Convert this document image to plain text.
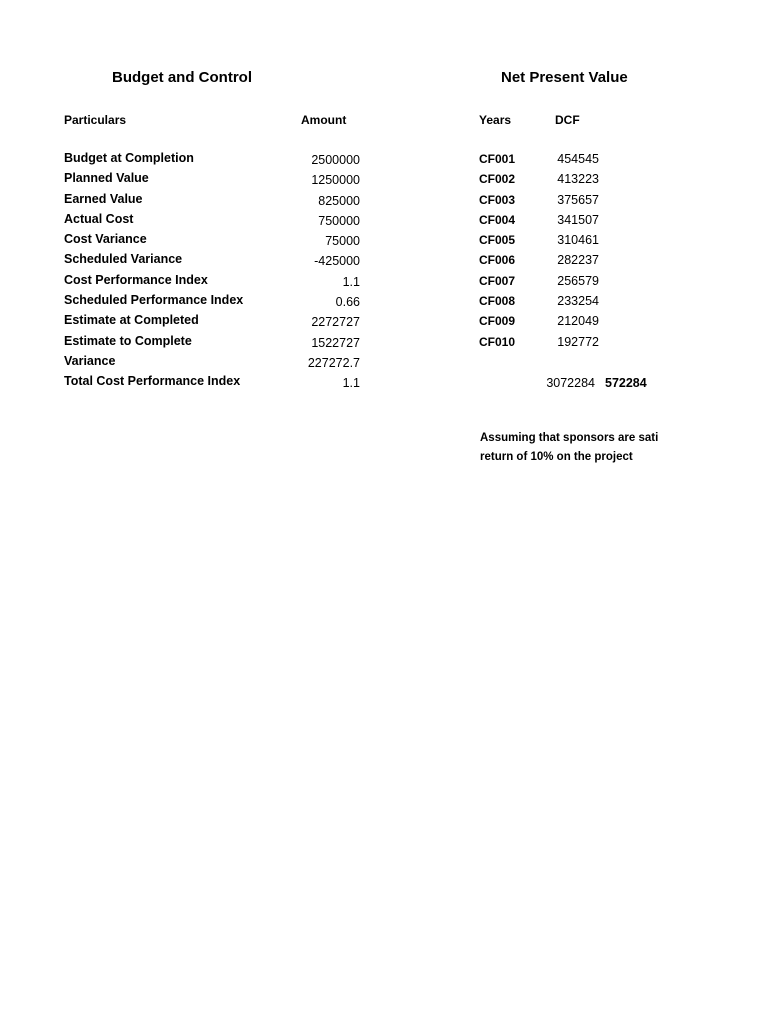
Budget and Control
Particulars	Amount
Budget at Completion	2500000
Planned Value	1250000
Earned Value	825000
Actual Cost	750000
Cost Variance	75000
Scheduled Variance	-425000
Cost Performance Index	1.1
Scheduled Performance Index	0.66
Estimate at Completed	2272727
Estimate to Complete	1522727
Variance	227272.7
Total Cost Performance Index	1.1
Net Present Value
Years	DCF
CF001	454545
CF002	413223
CF003	375657
CF004	341507
CF005	310461
CF006	282237
CF007	256579
CF008	233254
CF009	212049
CF010	192772
3072284 572284
Assuming that sponsors are sati
return of 10% on the project
